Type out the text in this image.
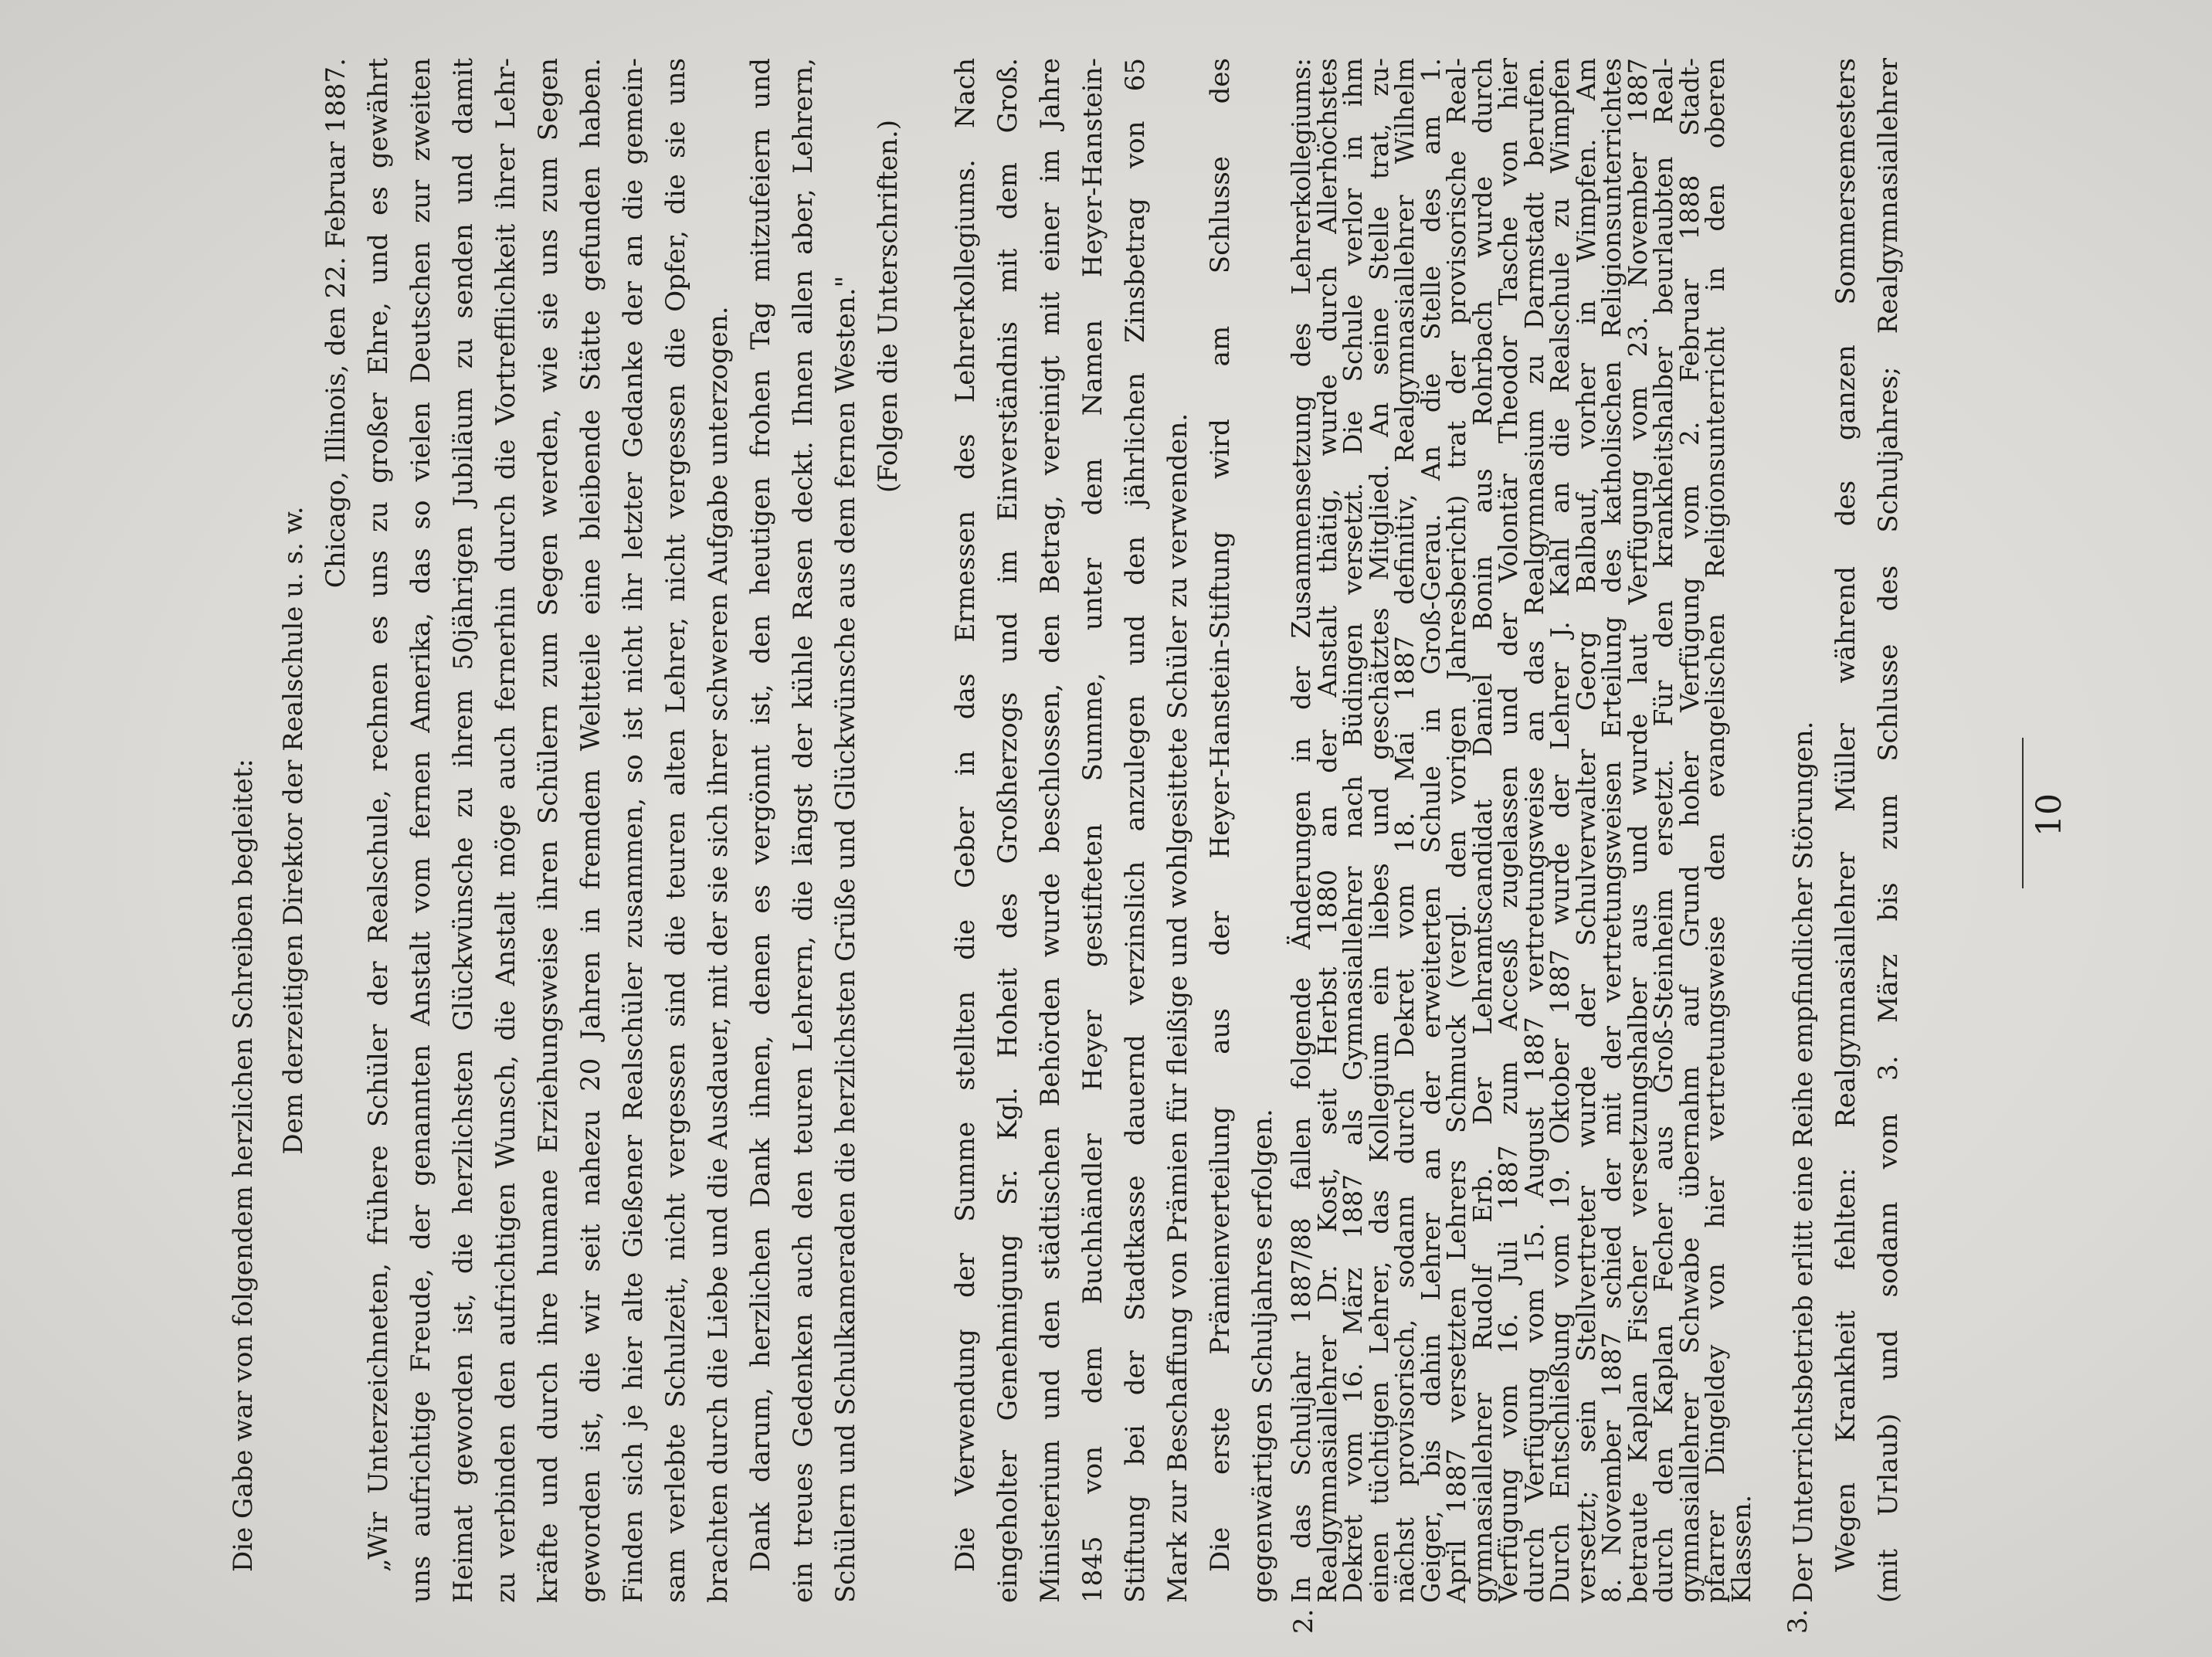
10
Die Gabe war von folgendem herzlichen Schreiben begleitet: Dem derzeitigen Direktor der Realschule u. s. w.
Chicago, Illinois, den 22. Februar 1887. „Wir Unterzeichneten, frühere Schüler der Realschule, rechnen es uns zu großer Ehre, und es gewährt uns aufrichtige Freude, der genannten Anstalt vom fernen Amerika, das so vielen Deutschen zur zweiten Heimat geworden ist, die herzlichsten Glückwünsche zu ihrem 50jährigen Jubiläum zu senden und damit zu verbinden den aufrichtigen Wunsch, die Anstalt möge auch fernerhin durch die Vortrefflichkeit ihrer Lehr- kräfte und durch ihre humane Erziehungsweise ihren Schülern zum Segen werden, wie sie uns zum Segen geworden ist, die wir seit nahezu 20 Jahren in fremdem Weltteile eine bleibende Stätte gefunden haben. Finden sich je hier alte Gießener Realschüler zusammen, so ist nicht ihr letzter Gedanke der an die gemein- sam verlebte Schulzeit, nicht vergessen sind die teuren alten Lehrer, nicht vergessen die Opfer, die sie uns brachten durch die Liebe und die Ausdauer, mit der sie sich ihrer schweren Aufgabe unterzogen. Dank darum, herzlichen Dank ihnen, denen es vergönnt ist, den heutigen frohen Tag mitzufeiern und ein treues Gedenken auch den teuren Lehrern, die längst der kühle Rasen deckt. Ihnen allen aber, Lehrern, Schülern und Schulkameraden die herzlichsten Grüße und Glückwünsche aus dem fernen Westen." (Folgen die Unterschriften.) Die Verwendung der Summe stellten die Geber in das Ermessen des Lehrerkollegiums. Nach eingeholter Genehmigung Sr. Kgl. Hoheit des Großherzogs und im Einverständnis mit dem Groß. Ministerium und den städtischen Behörden wurde beschlossen, den Betrag, vereinigt mit einer im Jahre 1845 von dem Buchhändler Heyer gestifteten Summe, unter dem Namen Heyer-Hanstein- Stiftung bei der Stadtkasse dauernd verzinslich anzulegen und den jährlichen Zinsbetrag von 65 Mark zur Beschaffung von Prämien für fleißige und wohlgesittete Schüler zu verwenden. Die erste Prämienverteilung aus der Heyer-Hanstein-Stiftung wird am Schlusse des gegenwärtigen Schuljahres erfolgen.
2.
In das Schuljahr 1887/88 fallen folgende Änderungen in der Zusammensetzung des Lehrerkollegiums:
Realgymnasiallehrer Dr. Kost, seit Herbst 1880 an der Anstalt thätig, wurde durch Allerhöchstes
Dekret vom 16. März 1887 als Gymnasiallehrer nach Büdingen versetzt. Die Schule verlor in ihm
einen tüchtigen Lehrer, das Kollegium ein liebes und geschätztes Mitglied. An seine Stelle trat, zu-
nächst provisorisch, sodann durch Dekret vom 18. Mai 1887 definitiv, Realgymnasiallehrer Wilhelm
Geiger, bis dahin Lehrer an der erweiterten Schule in Groß-Gerau. An die Stelle des am 1.
April 1887 versetzten Lehrers Schmuck (vergl. den vorigen Jahresbericht) trat der provisorische Real-
gymnasiallehrer Rudolf Erb. Der Lehramtscandidat Daniel Bonin aus Rohrbach wurde durch
Verfügung vom 16. Juli 1887 zum Accesß zugelassen und der Volontär Theodor Tasche von hier
durch Verfügung vom 15. August 1887 vertretungsweise an das Realgymnasium zu Darmstadt berufen.
Durch Entschließung vom 19. Oktober 1887 wurde der Lehrer J. Kahl an die Realschule zu Wimpfen
versetzt; sein Stellvertreter wurde der Schulverwalter Georg Balbauf, vorher in Wimpfen. Am
8. November 1887 schied der mit der vertretungsweisen Erteilung des katholischen Religionsunterrichtes
betraute Kaplan Fischer versetzungshalber aus und wurde laut Verfügung vom 23. November 1887
durch den Kaplan Fecher aus Groß-Steinheim ersetzt. Für den krankheitshalber beurlaubten Real-
gymnasiallehrer Schwabe übernahm auf Grund hoher Verfügung vom 2. Februar 1888 Stadt-
pfarrer Dingeldey von hier vertretungsweise den evangelischen Religionsunterricht in den oberen
Klassen.
3.
Der Unterrichtsbetrieb erlitt eine Reihe empfindlicher Störungen. Wegen Krankheit fehlten: Realgymnasiallehrer Müller während des ganzen Sommersemesters (mit Urlaub) und sodann vom 3. März bis zum Schlusse des Schuljahres; Realgymnasiallehrer
